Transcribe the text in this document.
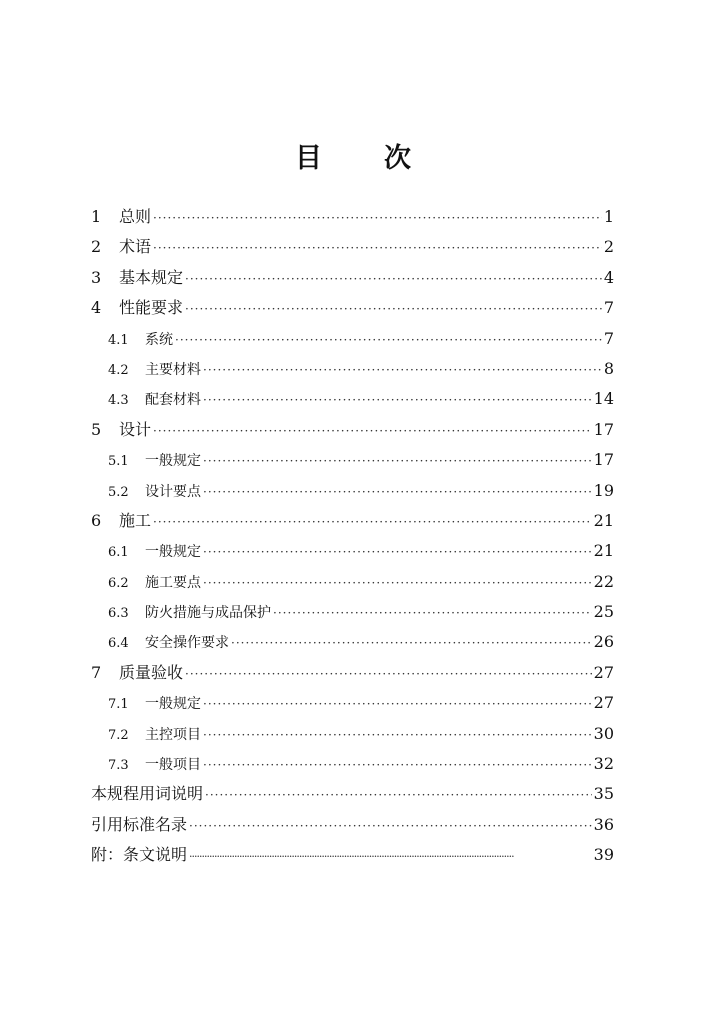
目 次
1	总则 ·····	1
2	术语 ·····	2
3	基本规定 ·····	4
4	性能要求 ·····	7
4.1	系统 ·····	7
4.2	主要材料 ·····	8
4.3	配套材料 ·····	14
5	设计 ·····	17
5.1	一般规定 ·····	17
5.2	设计要点 ·····	19
6	施工 ·····	21
6.1	一般规定 ·····	21
6.2	施工要点 ·····	22
6.3	防火措施与成品保护 ·····	25
6.4	安全操作要求 ·····	26
7	质量验收 ·····	27
7.1	一般规定 ·····	27
7.2	主控项目 ·····	30
7.3	一般项目 ·····	32
本规程用词说明 ·····	35
引用标准名录 ·····	36
附：条文说明 ·····	39
